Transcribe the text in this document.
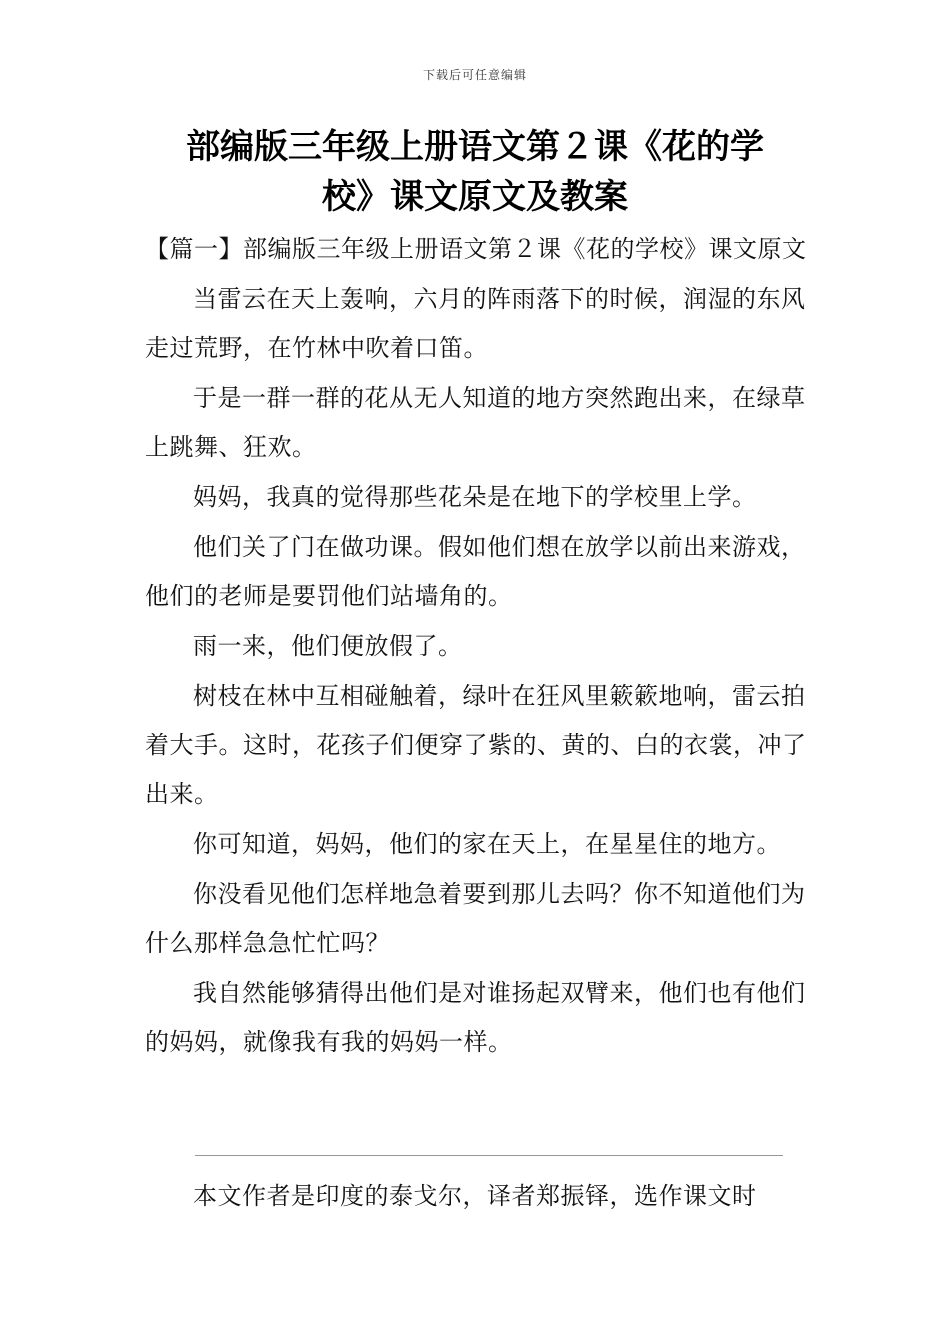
下载后可任意编辑
部编版三年级上册语文第２课《花的学
校》课文原文及教案

【篇一】部编版三年级上册语文第２课《花的学校》课文原文

当雷云在天上轰响，六月的阵雨落下的时候，润湿的东风走过荒野，在竹林中吹着口笛。

于是一群一群的花从无人知道的地方突然跑出来，在绿草上跳舞、狂欢。

妈妈，我真的觉得那些花朵是在地下的学校里上学。

他们关了门在做功课。假如他们想在放学以前出来游戏，他们的老师是要罚他们站墙角的。

雨一来，他们便放假了。

树枝在林中互相碰触着，绿叶在狂风里簌簌地响，雷云拍着大手。这时，花孩子们便穿了紫的、黄的、白的衣裳，冲了出来。

你可知道，妈妈，他们的家在天上，在星星住的地方。

你没看见他们怎样地急着要到那儿去吗？你不知道他们为什么那样急急忙忙吗？

我自然能够猜得出他们是对谁扬起双臂来，他们也有他们的妈妈，就像我有我的妈妈一样。

本文作者是印度的泰戈尔，译者郑振铎，选作课文时
